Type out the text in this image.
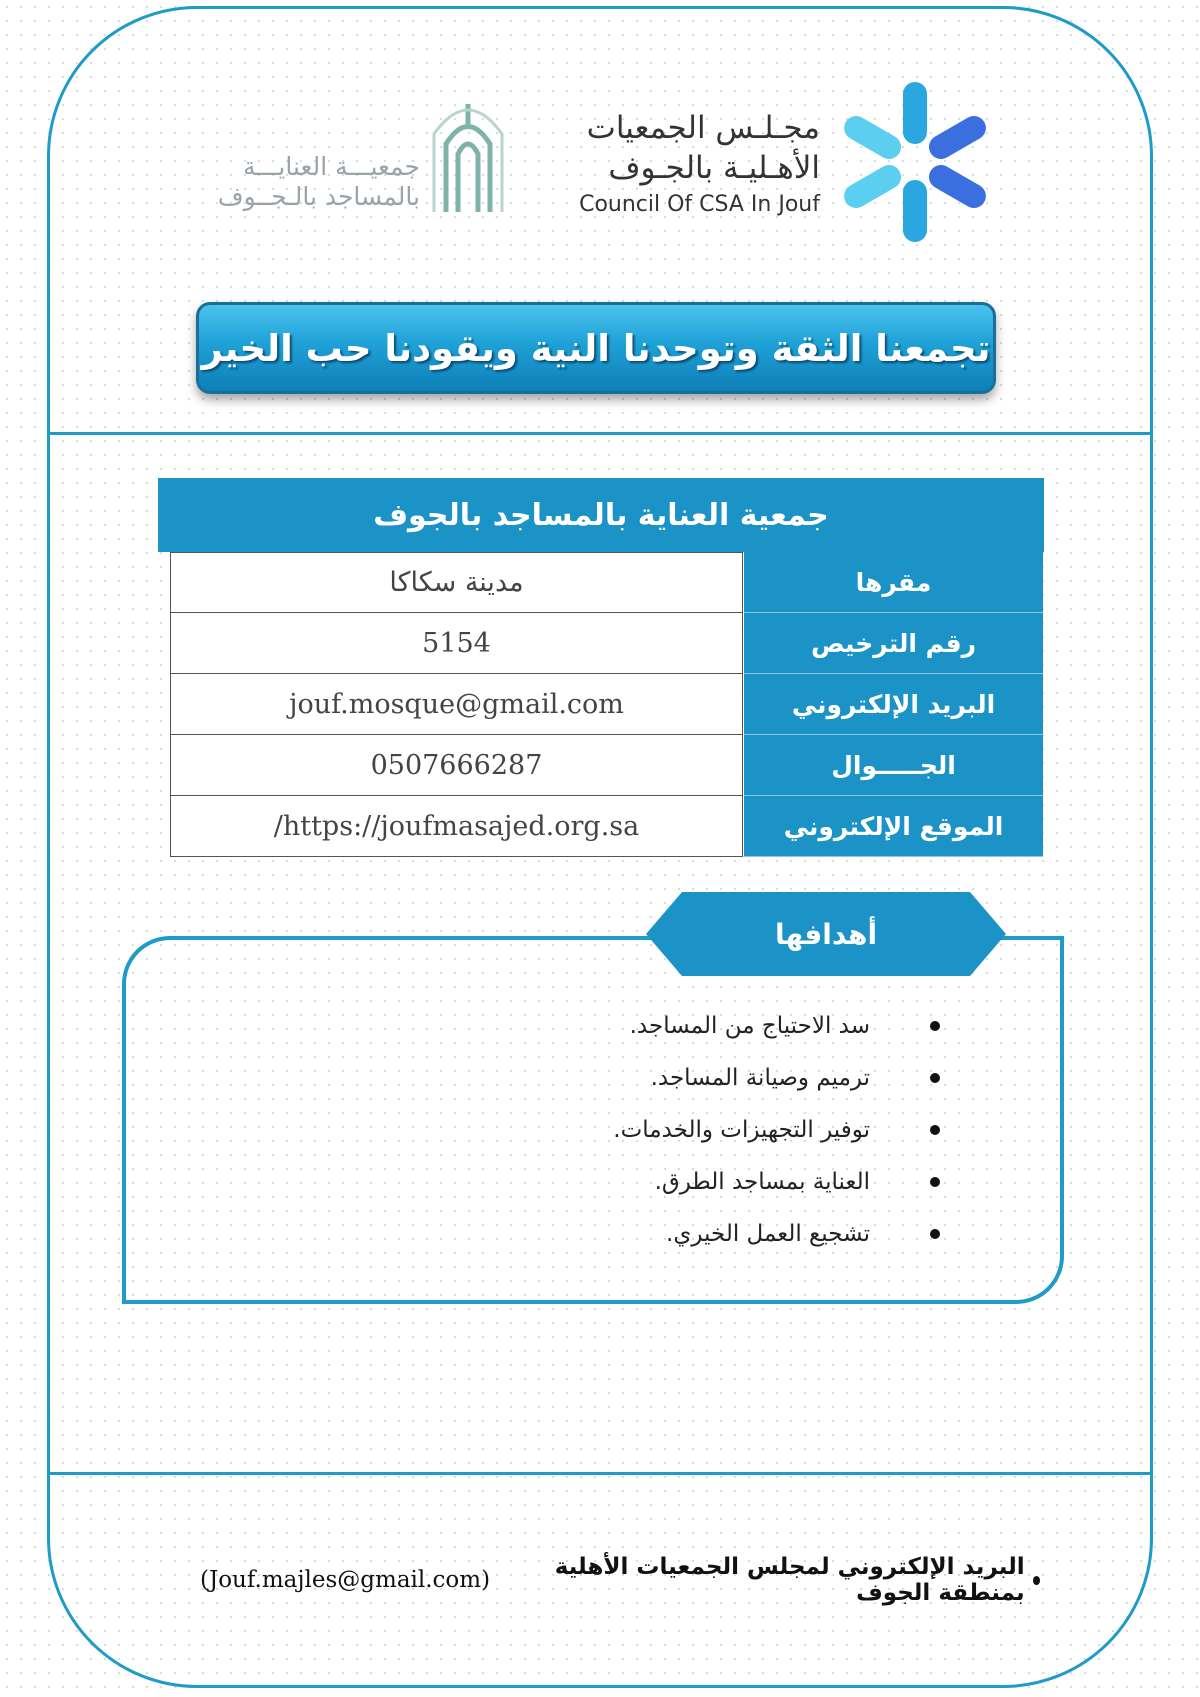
مجـلـس الجمعيات
الأهـليـة بالجـوف
Council Of CSA In Jouf
جمعيـــة العنايـــة
بالمساجد بالـجــوف
تجمعنا الثقة وتوحدنا النية ويقودنا حب الخير
جمعية العناية بالمساجد بالجوف
مدينة سكاكا	مقرها
5154	رقم الترخيص
jouf.mosque@gmail.com	البريد الإلكتروني
0507666287	الجـــــوال
/https://joufmasajed.org.sa	الموقع الإلكتروني
أهدافها
سد الاحتياج من المساجد.
ترميم وصيانة المساجد.
توفير التجهيزات والخدمات.
العناية بمساجد الطرق.
تشجيع العمل الخيري.
البريد الإلكتروني لمجلس الجمعيات الأهلية بمنطقة الجوف
(Jouf.majles@gmail.com)
